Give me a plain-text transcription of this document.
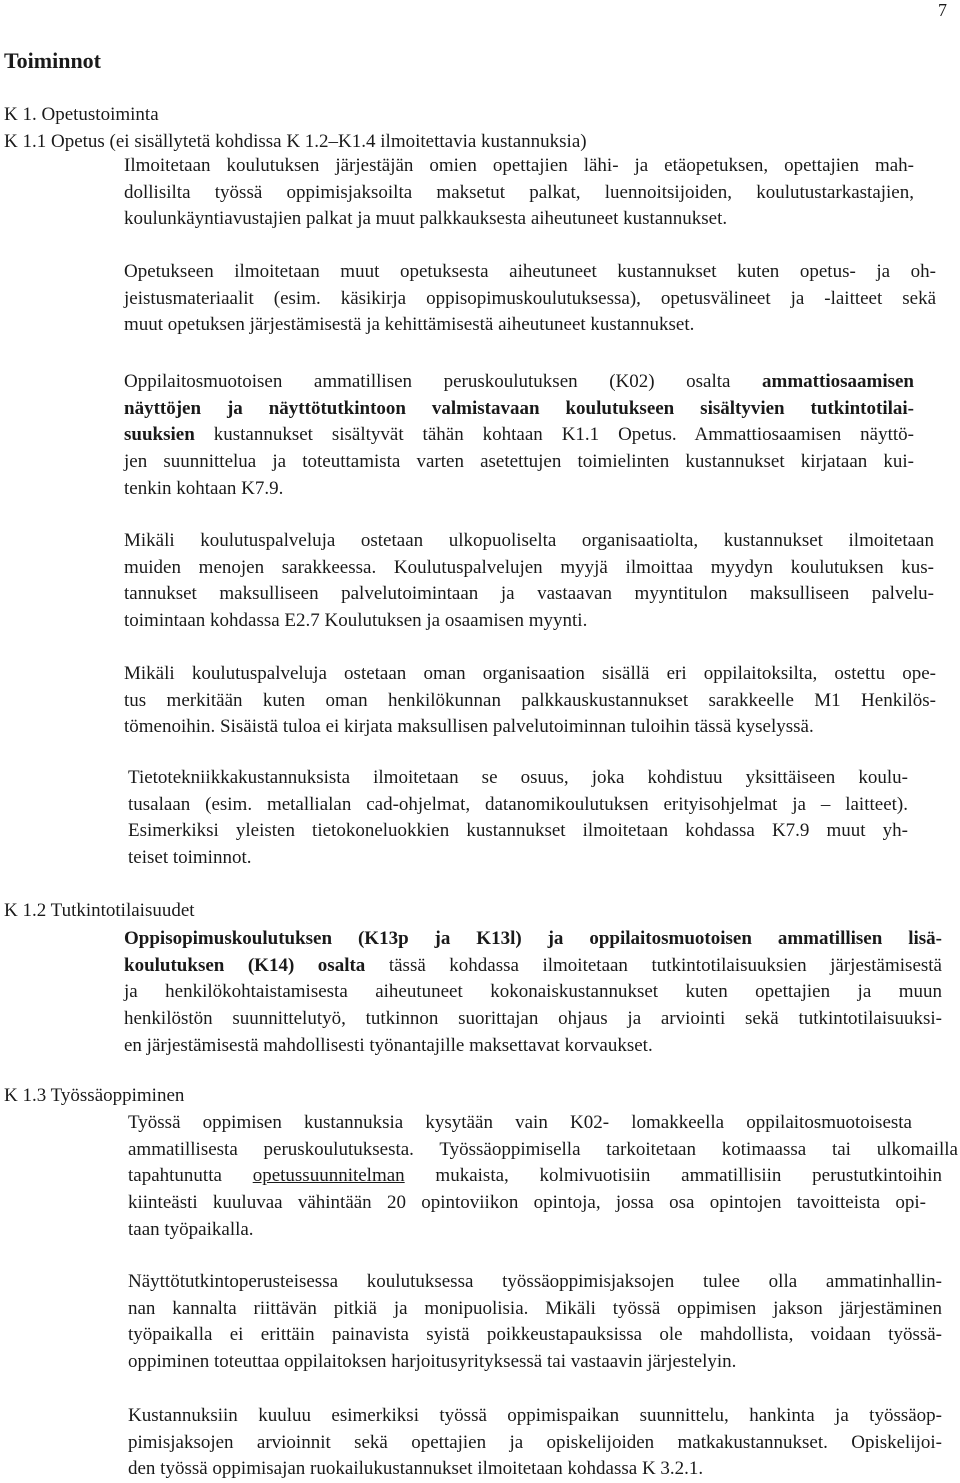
7
Toiminnot
K 1. Opetustoiminta
K 1.1 Opetus (ei sisällytetä kohdissa K 1.2–K1.4 ilmoitettavia kustannuksia)
Ilmoitetaan koulutuksen järjestäjän omien opettajien lähi- ja etäopetuksen, opettajien mah-
dollisilta työssä oppimisjaksoilta maksetut palkat, luennoitsijoiden, koulutustarkastajien,
koulunkäyntiavustajien palkat ja muut palkkauksesta aiheutuneet kustannukset.
Opetukseen ilmoitetaan muut opetuksesta aiheutuneet kustannukset kuten opetus- ja oh-
jeistusmateriaalit (esim. käsikirja oppisopimuskoulutuksessa), opetusvälineet ja -laitteet sekä
muut opetuksen järjestämisestä ja kehittämisestä aiheutuneet kustannukset.
Oppilaitosmuotoisen ammatillisen peruskoulutuksen (K02) osalta ammattiosaamisen
näyttöjen ja näyttötutkintoon valmistavaan koulutukseen sisältyvien tutkintotilai-
suuksien kustannukset sisältyvät tähän kohtaan K1.1 Opetus. Ammattiosaamisen näyttö-
jen suunnittelua ja toteuttamista varten asetettujen toimielinten kustannukset kirjataan kui-
tenkin kohtaan K7.9.
Mikäli koulutuspalveluja ostetaan ulkopuoliselta organisaatiolta, kustannukset ilmoitetaan
muiden menojen sarakkeessa. Koulutuspalvelujen myyjä ilmoittaa myydyn koulutuksen kus-
tannukset maksulliseen palvelutoimintaan ja vastaavan myyntitulon maksulliseen palvelu-
toimintaan kohdassa E2.7 Koulutuksen ja osaamisen myynti.
Mikäli koulutuspalveluja ostetaan oman organisaation sisällä eri oppilaitoksilta, ostettu ope-
tus merkitään kuten oman henkilökunnan palkkauskustannukset sarakkeelle M1 Henkilös-
tömenoihin. Sisäistä tuloa ei kirjata maksullisen palvelutoiminnan tuloihin tässä kyselyssä.
Tietotekniikkakustannuksista ilmoitetaan se osuus, joka kohdistuu yksittäiseen koulu-
tusalaan (esim. metallialan cad-ohjelmat, datanomikoulutuksen erityisohjelmat ja – laitteet).
Esimerkiksi yleisten tietokoneluokkien kustannukset ilmoitetaan kohdassa K7.9 muut yh-
teiset toiminnot.
K 1.2 Tutkintotilaisuudet
Oppisopimuskoulutuksen (K13p ja K13l) ja oppilaitosmuotoisen ammatillisen lisä-
koulutuksen (K14) osalta tässä kohdassa ilmoitetaan tutkintotilaisuuksien järjestämisestä
ja henkilökohtaistamisesta aiheutuneet kokonaiskustannukset kuten opettajien ja muun
henkilöstön suunnittelutyö, tutkinnon suorittajan ohjaus ja arviointi sekä tutkintotilaisuuksi-
en järjestämisestä mahdollisesti työnantajille maksettavat korvaukset.
K 1.3 Työssäoppiminen
Työssä oppimisen kustannuksia kysytään vain K02- lomakkeella oppilaitosmuotoisesta
ammatillisesta peruskoulutuksesta. Työssäoppimisella tarkoitetaan kotimaassa tai ulkomailla
tapahtunutta opetussuunnitelman mukaista, kolmivuotisiin ammatillisiin perustutkintoihin
kiinteästi kuuluvaa vähintään 20 opintoviikon opintoja, jossa osa opintojen tavoitteista opi-
taan työpaikalla.
Näyttötutkintoperusteisessa koulutuksessa työssäoppimisjaksojen tulee olla ammatinhallin-
nan kannalta riittävän pitkiä ja monipuolisia. Mikäli työssä oppimisen jakson järjestäminen
työpaikalla ei erittäin painavista syistä poikkeustapauksissa ole mahdollista, voidaan työssä-
oppiminen toteuttaa oppilaitoksen harjoitusyrityksessä tai vastaavin järjestelyin.
Kustannuksiin kuuluu esimerkiksi työssä oppimispaikan suunnittelu, hankinta ja työssäop-
pimisjaksojen arvioinnit sekä opettajien ja opiskelijoiden matkakustannukset. Opiskelijoi-
den työssä oppimisajan ruokailukustannukset ilmoitetaan kohdassa K 3.2.1.
